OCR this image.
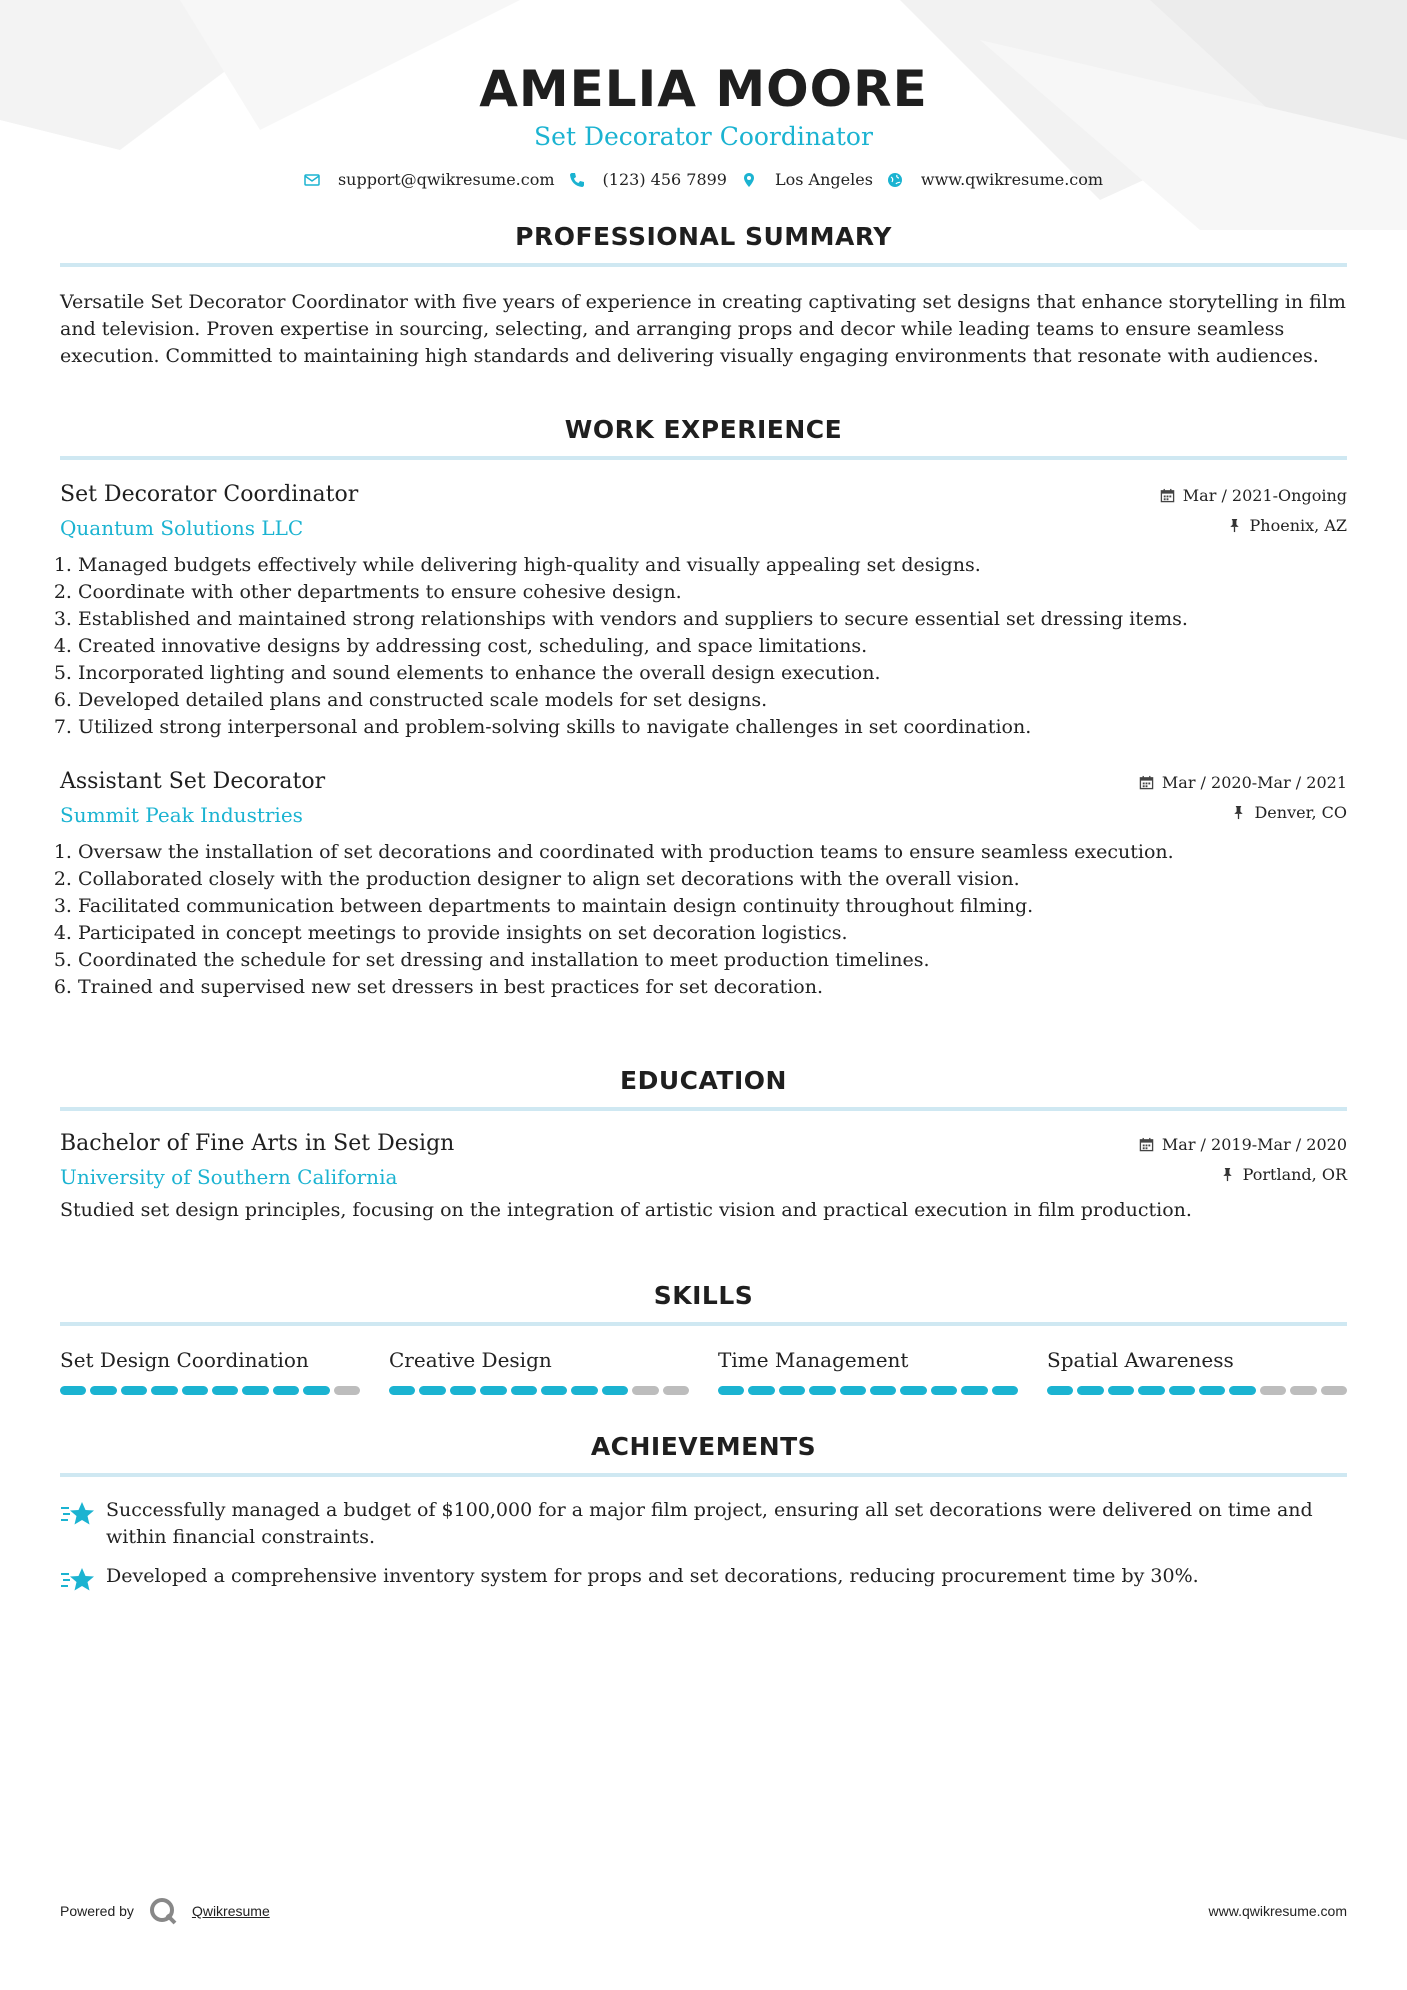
AMELIA MOORE
Set Decorator Coordinator
support@qwikresume.com	(123) 456 7899	Los Angeles	www.qwikresume.com
PROFESSIONAL SUMMARY

Versatile Set Decorator Coordinator with five years of experience in creating captivating set designs that enhance storytelling in film and television. Proven expertise in sourcing, selecting, and arranging props and decor while leading teams to ensure seamless execution. Committed to maintaining high standards and delivering visually engaging environments that resonate with audiences.

WORK EXPERIENCE
Set Decorator Coordinator
Quantum Solutions LLC
Mar / 2021-Ongoing
Phoenix, AZ
1. Managed budgets effectively while delivering high-quality and visually appealing set designs.
2. Coordinate with other departments to ensure cohesive design.
3. Established and maintained strong relationships with vendors and suppliers to secure essential set dressing items.
4. Created innovative designs by addressing cost, scheduling, and space limitations.
5. Incorporated lighting and sound elements to enhance the overall design execution.
6. Developed detailed plans and constructed scale models for set designs.
7. Utilized strong interpersonal and problem-solving skills to navigate challenges in set coordination.
Assistant Set Decorator
Summit Peak Industries
Mar / 2020-Mar / 2021
Denver, CO
1. Oversaw the installation of set decorations and coordinated with production teams to ensure seamless execution.
2. Collaborated closely with the production designer to align set decorations with the overall vision.
3. Facilitated communication between departments to maintain design continuity throughout filming.
4. Participated in concept meetings to provide insights on set decoration logistics.
5. Coordinated the schedule for set dressing and installation to meet production timelines.
6. Trained and supervised new set dressers in best practices for set decoration.
EDUCATION
Bachelor of Fine Arts in Set Design
University of Southern California
Mar / 2019-Mar / 2020
Portland, OR

Studied set design principles, focusing on the integration of artistic vision and practical execution in film production.

SKILLS
Set Design Coordination	Creative Design	Time Management	Spatial Awareness
ACHIEVEMENTS
Successfully managed a budget of $100,000 for a major film project, ensuring all set decorations were delivered on time and within financial constraints.
Developed a comprehensive inventory system for props and set decorations, reducing procurement time by 30%.
Powered by	Qwikresume	www.qwikresume.com
